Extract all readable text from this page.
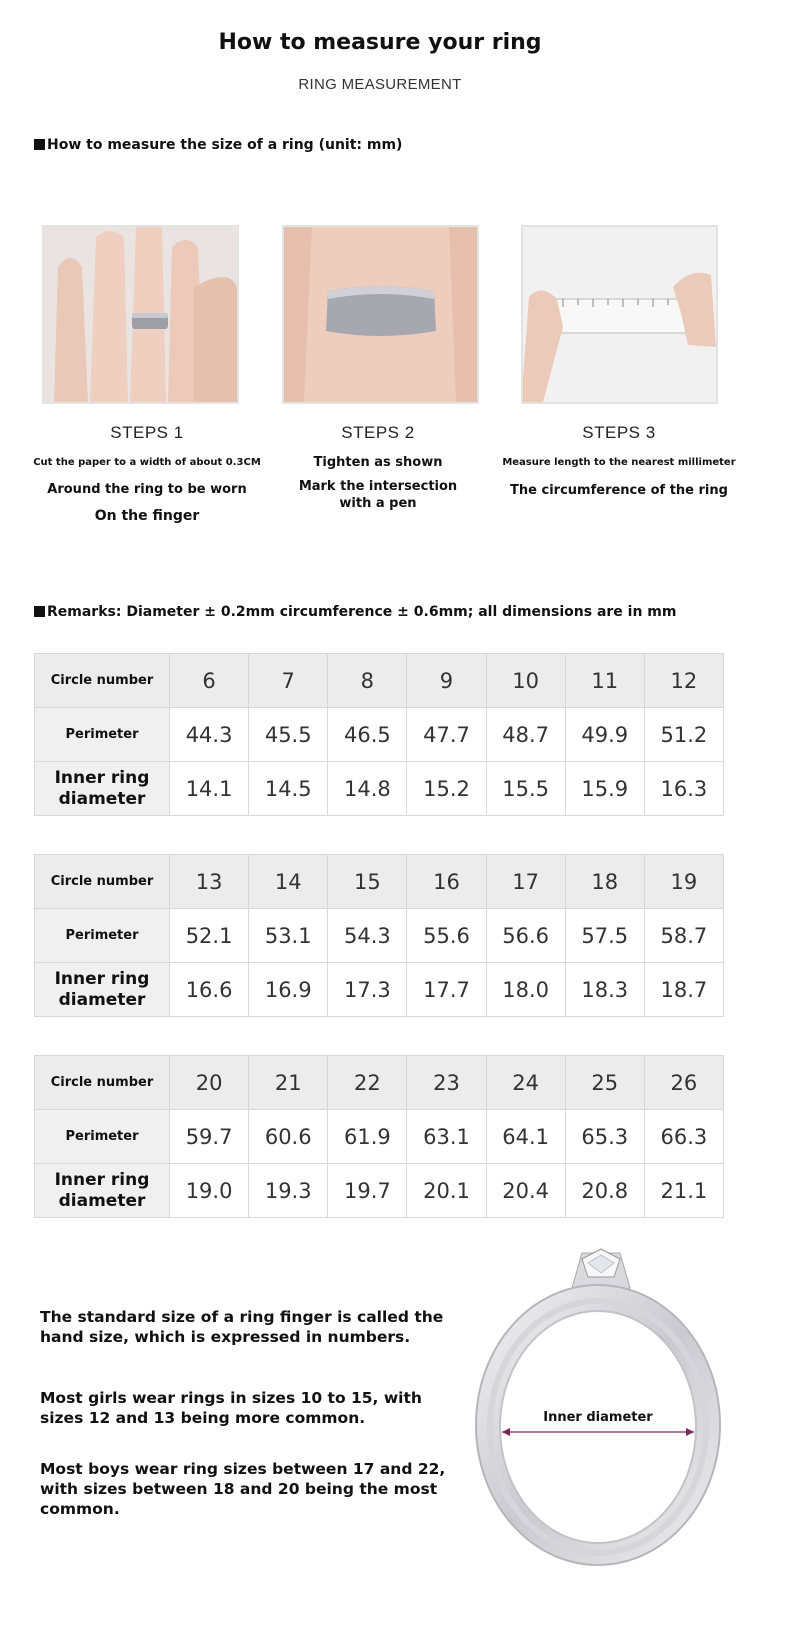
How to measure your ring
RING MEASUREMENT
How to measure the size of a ring (unit: mm)
STEPS 1
Cut the paper to a width of about 0.3CM
Around the ring to be worn
On the finger
STEPS 2
Tighten as shown
Mark the intersection with a pen
STEPS 3
Measure length to the nearest millimeter
The circumference of the ring
Remarks: Diameter ± 0.2mm circumference ± 0.6mm; all dimensions are in mm
Circle number	6	7	8	9	10	11	12
Perimeter	44.3	45.5	46.5	47.7	48.7	49.9	51.2
Inner ring diameter	14.1	14.5	14.8	15.2	15.5	15.9	16.3
Circle number	13	14	15	16	17	18	19
Perimeter	52.1	53.1	54.3	55.6	56.6	57.5	58.7
Inner ring diameter	16.6	16.9	17.3	17.7	18.0	18.3	18.7
Circle number	20	21	22	23	24	25	26
Perimeter	59.7	60.6	61.9	63.1	64.1	65.3	66.3
Inner ring diameter	19.0	19.3	19.7	20.1	20.4	20.8	21.1
The standard size of a ring finger is called the hand size, which is expressed in numbers.
Most girls wear rings in sizes 10 to 15, with sizes 12 and 13 being more common.
Most boys wear ring sizes between 17 and 22, with sizes between 18 and 20 being the most common.
Inner diameter
